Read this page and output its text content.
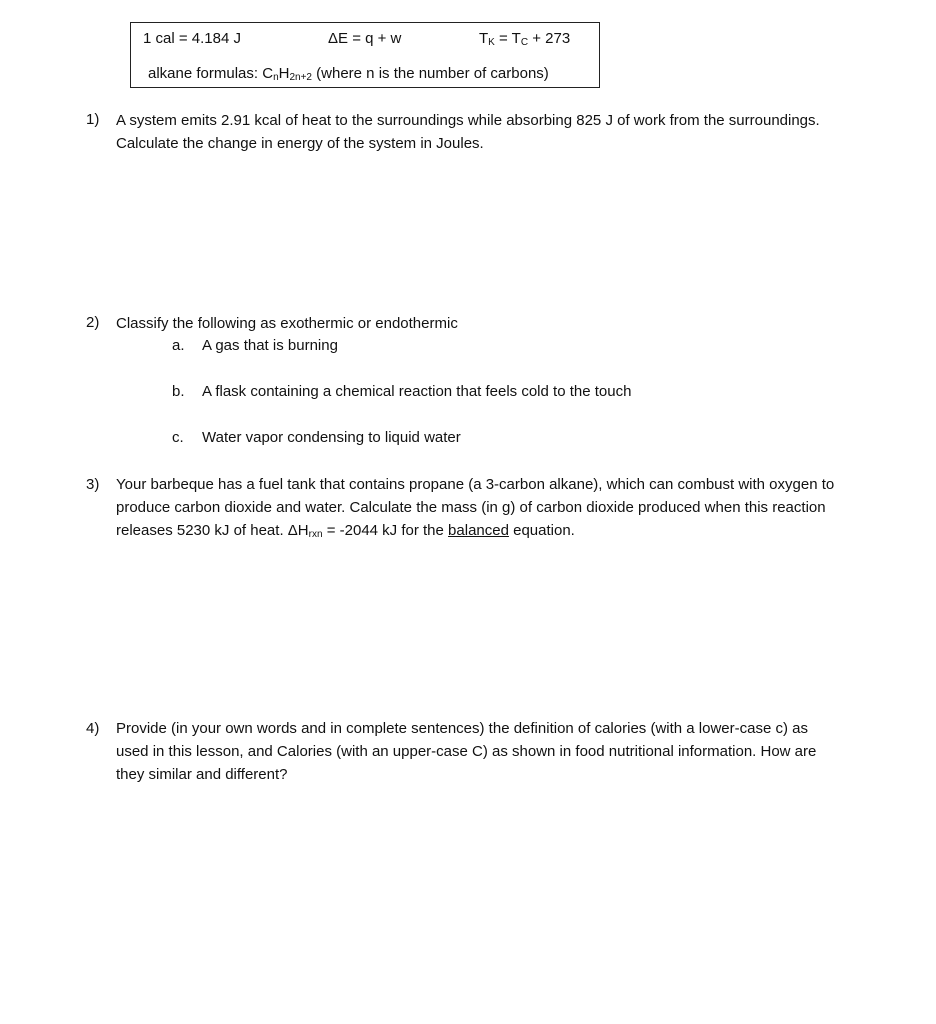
1 cal = 4.184 J	ΔE = q + w	$T_K = T_C + 273$
alkane formulas: $C_nH_{2n+2}$ (where n is the number of carbons)
1) A system emits 2.91 kcal of heat to the surroundings while absorbing 825 J of work from the surroundings. Calculate the change in energy of the system in Joules.
2) Classify the following as exothermic or endothermic
a. A gas that is burning
b. A flask containing a chemical reaction that feels cold to the touch
c. Water vapor condensing to liquid water
3) Your barbeque has a fuel tank that contains propane (a 3-carbon alkane), which can combust with oxygen to produce carbon dioxide and water. Calculate the mass (in g) of carbon dioxide produced when this reaction releases 5230 kJ of heat. $\Delta H_{rxn} = -2044$ kJ for the balanced equation.
4) Provide (in your own words and in complete sentences) the definition of calories (with a lower-case c) as used in this lesson, and Calories (with an upper-case C) as shown in food nutritional information. How are they similar and different?
